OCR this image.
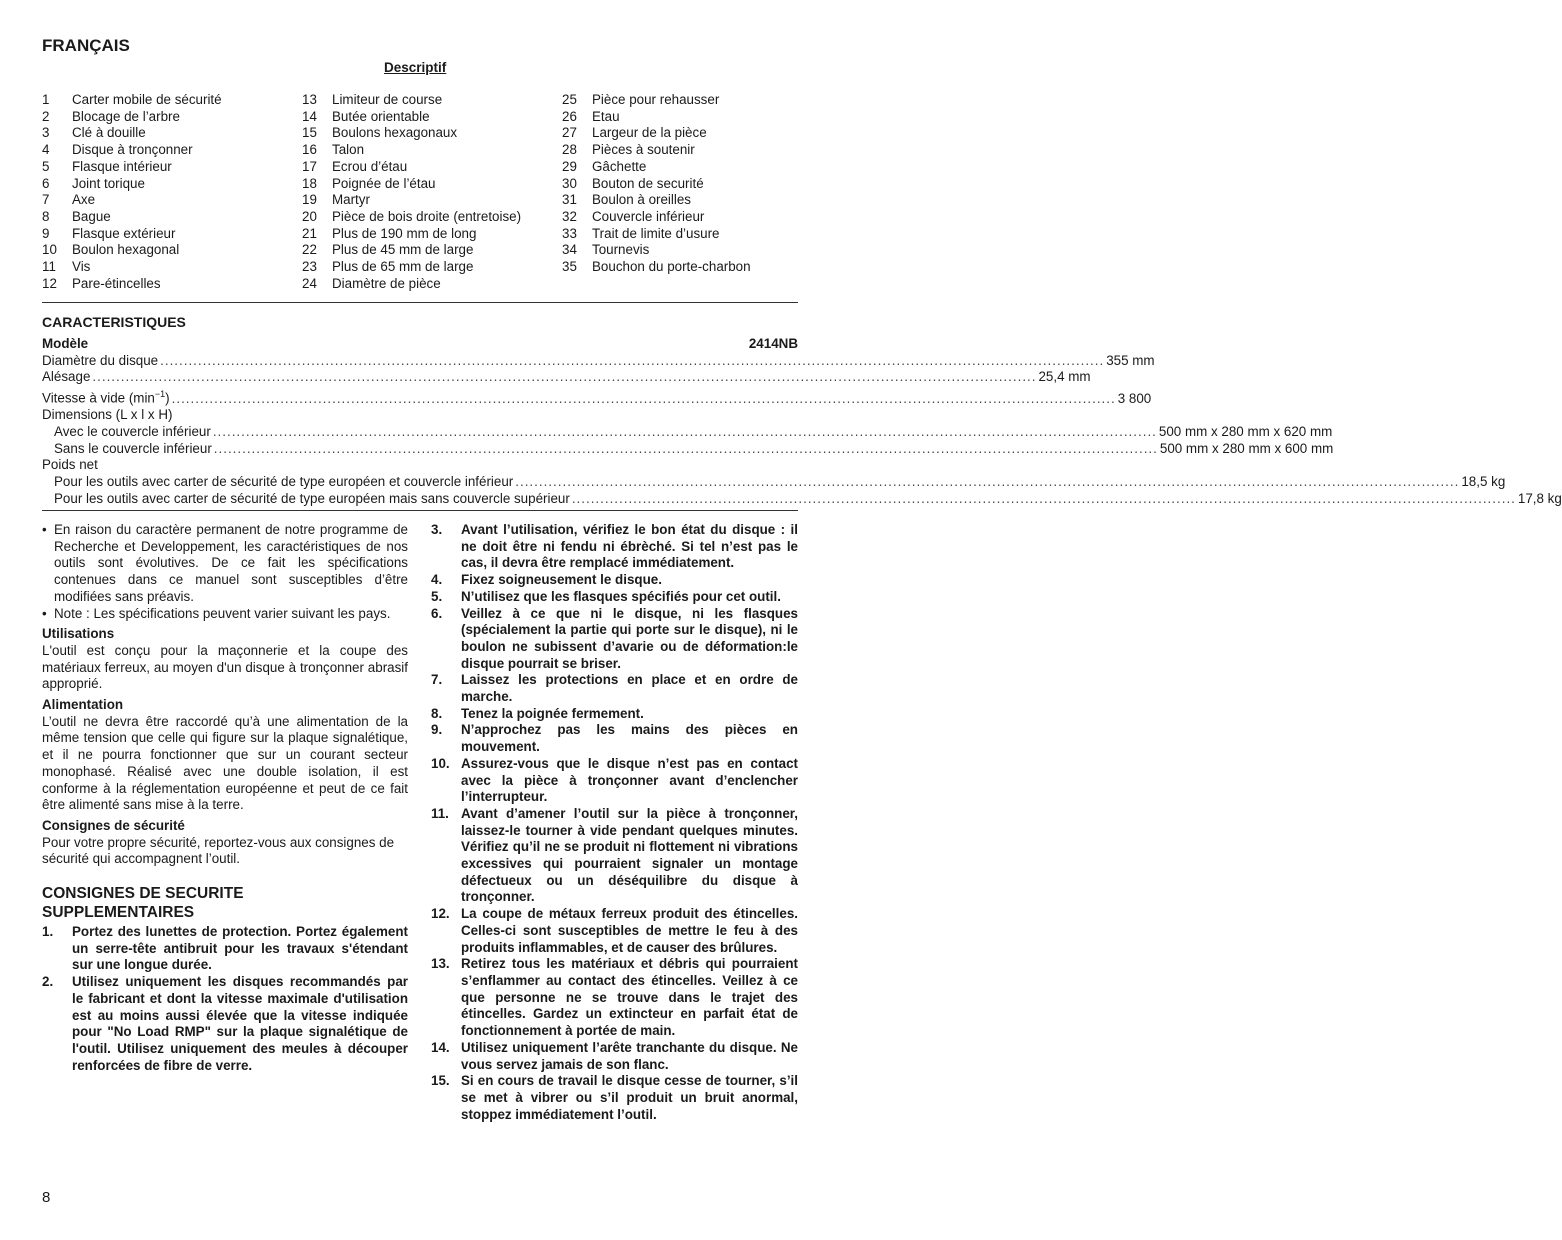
FRANÇAIS
Descriptif
1	Carter mobile de sécurité
2	Blocage de l’arbre
3	Clé à douille
4	Disque à tronçonner
5	Flasque intérieur
6	Joint torique
7	Axe
8	Bague
9	Flasque extérieur
10	Boulon hexagonal
11	Vis
12	Pare-étincelles
13	Limiteur de course
14	Butée orientable
15	Boulons hexagonaux
16	Talon
17	Ecrou d’étau
18	Poignée de l’étau
19	Martyr
20	Pièce de bois droite (entretoise)
21	Plus de 190 mm de long
22	Plus de 45 mm de large
23	Plus de 65 mm de large
24	Diamètre de pièce
25	Pièce pour rehausser
26	Etau
27	Largeur de la pièce
28	Pièces à soutenir
29	Gâchette
30	Bouton de securité
31	Boulon à oreilles
32	Couvercle inférieur
33	Trait de limite d’usure
34	Tournevis
35	Bouchon du porte-charbon
CARACTERISTIQUES
Modèle	2414NB
Diamètre du disque ........................................................................................................................................................................................................ 355 mm
Alésage ........................................................................................................................................................................................................ 25,4 mm
Vitesse à vide $(\min^{-1})$ ........................................................................................................................................................................................................ 3 800
Dimensions (L x l x H)
Avec le couvercle inférieur ........................................................................................................................................................................................................ 500 mm x 280 mm x 620 mm
Sans le couvercle inférieur ........................................................................................................................................................................................................ 500 mm x 280 mm x 600 mm
Poids net
Pour les outils avec carter de sécurité de type européen et couvercle inférieur ........................................................................................................................................................................................................ 18,5 kg
Pour les outils avec carter de sécurité de type européen mais sans couvercle supérieur ........................................................................................................................................................................................................ 17,8 kg
• En raison du caractère permanent de notre programme de Recherche et Developpement, les caractéristiques de nos outils sont évolutives. De ce fait les spécifications contenues dans ce manuel sont susceptibles d’être modifiées sans préavis.
• Note : Les spécifications peuvent varier suivant les pays.
Utilisations

L'outil est conçu pour la maçonnerie et la coupe des matériaux ferreux, au moyen d'un disque à tronçonner abrasif approprié.

Alimentation

L’outil ne devra être raccordé qu’à une alimentation de la même tension que celle qui figure sur la plaque signalétique, et il ne pourra fonctionner que sur un courant secteur monophasé. Réalisé avec une double isolation, il est conforme à la réglementation européenne et peut de ce fait être alimenté sans mise à la terre.

Consignes de sécurité

Pour votre propre sécurité, reportez-vous aux consignes de sécurité qui accompagnent l’outil.

CONSIGNES DE SECURITE
SUPPLEMENTAIRES
1.	Portez des lunettes de protection. Portez également un serre-tête antibruit pour les travaux s'étendant sur une longue durée.
2.	Utilisez uniquement les disques recommandés par le fabricant et dont la vitesse maximale d'utilisation est au moins aussi élevée que la vitesse indiquée pour "No Load RMP" sur la plaque signalétique de l'outil. Utilisez uniquement des meules à découper renforcées de fibre de verre.
3.	Avant l’utilisation, vérifiez le bon état du disque : il ne doit être ni fendu ni ébrèché. Si tel n’est pas le cas, il devra être remplacé immédiatement.
4.	Fixez soigneusement le disque.
5.	N’utilisez que les flasques spécifiés pour cet outil.
6.	Veillez à ce que ni le disque, ni les flasques (spécialement la partie qui porte sur le disque), ni le boulon ne subissent d’avarie ou de déformation:le disque pourrait se briser.
7.	Laissez les protections en place et en ordre de marche.
8.	Tenez la poignée fermement.
9.	N’approchez pas les mains des pièces en mouvement.
10. Assurez-vous que le disque n’est pas en contact avec la pièce à tronçonner avant d’enclencher l’interrupteur.
11. Avant d’amener l’outil sur la pièce à tronçonner, laissez-le tourner à vide pendant quelques minutes. Vérifiez qu’il ne se produit ni flottement ni vibrations excessives qui pourraient signaler un montage défectueux ou un déséquilibre du disque à tronçonner.
12. La coupe de métaux ferreux produit des étincelles. Celles-ci sont susceptibles de mettre le feu à des produits inflammables, et de causer des brûlures.
13. Retirez tous les matériaux et débris qui pourraient s’enflammer au contact des étincelles. Veillez à ce que personne ne se trouve dans le trajet des étincelles. Gardez un extincteur en parfait état de fonctionnement à portée de main.
14. Utilisez uniquement l’arête tranchante du disque. Ne vous servez jamais de son flanc.
15. Si en cours de travail le disque cesse de tourner, s’il se met à vibrer ou s’il produit un bruit anormal, stoppez immédiatement l’outil.
8
